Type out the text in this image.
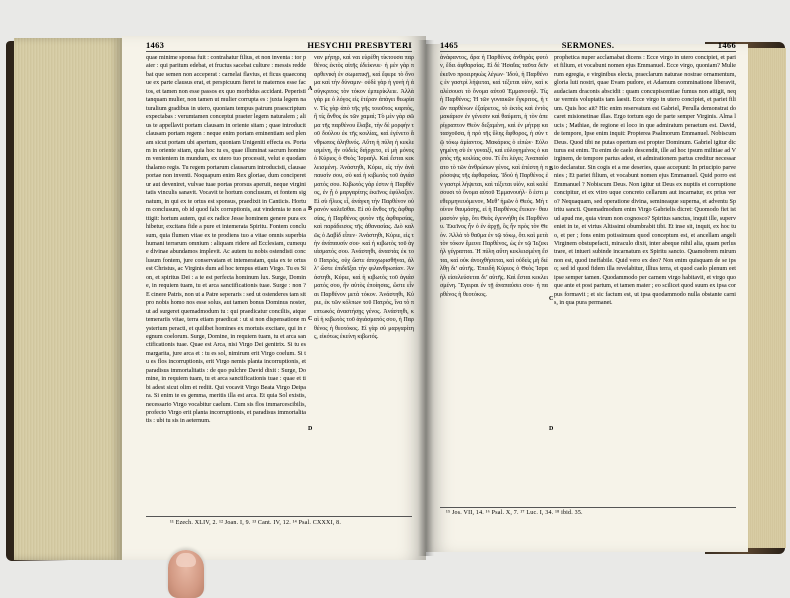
1463	HESYCHII PRESBYTERI
quae minime sponsa fuit : contrahatur filius, et non inventa : tor paier : qui paritum edebat, et fructus sacebat culture : messis reddebat que semen non acceperat : carnelai flavius, et ficus quaeconque ex parte clausus erat, et perspicuum fieret te maternos esse factos, et tamen non esse passos ex quo morbidus accidant. Peperisti tanquam mulier, non tamen ut mulier corrupta es : juxta legem naturalium gradibus in utero, quoniam tempus patrum praescriptum expectabas : verumtamen conceptui praeter legem naturalem ; alius te appellavit portam clausam in oriente sitam ; quae introducit clausam portam regem : neque enim portam eminentiam sed plenam sicut portam ubi apertum, quoniam Unigeniti effecta es. Portam in oriente sitam, quia hoc tu es, quae illuminat sacrum hominem venientem in mundum, ex utero tuo processit, velut e quodam thalamo regis. Tu regem portarum clausarum introducisti, clausae portae non inventi. Noquapum enim Rex gloriae, dum conciperetur aut deveniret, vulvae tuae portas prorsus aperuit, neque virginitatis vinculis sanavit. Vocavit te hortum conclusum, et fontem signatum, in qui ex te ortus est sponsus, praedixit in Canticis. Hortum conclusum, ob id quod falx corruptionis, aut vindemia te non attigit: hortum autem, qui ex radice Jesse hominem genere pura exhibetur, excitans fide a pure et intemerata Spiritu. Fontem conclusum, quia flumen vitae ex te prodiens tuo a vitae omnis superbia humani terrarum omnium : aliquam ridere ad Ecclesiam, cumeque divinae abundamos implevit. Ac autem tu nobis ostendisti conclusum fontem, jure conservatam et intemeratam, quia ex te ortus est Christus, ac Virginis dum ad hoc tempus etiam Virgo. Tu es Sion, et spiritus Dei : a te est perfecta hominum lux. Surge, Domine, in requiem tuam, tu et arca sanctificationis tuae. Surge : non ? E cinere Patris, non ut a Patre seperaris : sed ut ostenderes tam sit pro nobis homo nos esse solus, aut tamen bonus Dominus noster, ut ad surgeret quemadmodum tu : qui praedicatur conciliis, atque temerariis vitae, terra etiam praedicat : ut si non dispensatione mysterium peracti, et quilibet homines ex mortuis excitare, qui in regnum coelorum. Surge, Domine, in requiem tuam, tu et arca sanctificationis tuae. Quae est Arca, nisi Virgo Dei genitrix. Si tu es margarita, jure arca et : tu es sol, nimirum erit Virgo coelum. Si tu es flos incorruptionis, erit Virgo nemis planta incorruptionis, et paradisus immortalitatis : de quo pulchre David dixit : Surge, Domine, in requiem tuam, tu et arca sanctificationis tuae : quae et tibi adest sicut olim et rediit. Qui vocavit Virgo Beata Virgo Deipara. Si enim te es gemma, meritis illa est arca. Et quia Sol existis, necessario Virgo vocabitur caelum. Cum sis flos immarcescibilis, profecto Virgo erit planta incorruptionis, et paradisus immortalitatis : ubi tu sis in aeternum.
ναν μήτηρ, καὶ ναι εὑρέθη τίκτουσα παρθένος ἐκτὸς αἰτῆς ἐδείκνυε· ἡ μὲν γὰρ παρθενικὴ ἐν σωματικῇ, καὶ ἔφερε τὸ ὄνομα καὶ τὴν δύναμιν· οὐδὲ γὰρ ἡ γυνὴ ἡ ἀσύγκριτος τὸν τόκον ἐμπερίκλειε. Ἀλλὰ γάρ με ὁ λόγος εἰς ἑτέραν ἀπάγει θεωρίαν. Τίς γὰρ ἀπὸ τῆς γῆς τοιοῦτος καρπὸς, ἢ τίς ἄνθος ἐκ τῶν χαμαὶ; Τὸ μὲν γὰρ σῶμα τῆς παρθένου ἔλαβε, τὴν δὲ μορφὴν τοῦ δούλου ἐκ τῆς κοιλίας, καὶ ἐγένετο ἄνθρωπος ἀληθινός. Αὕτη ἡ πύλη ἡ κεκλεισμένη, ἣν οὐδεὶς διήρχετο, εἰ μὴ μόνος ὁ Κύριος ὁ Θεὸς Ἰσραήλ. Καὶ ἔσται κεκλεισμένη. Ἀνάστηθι, Κύριε, εἰς τὴν ἀνάπαυσίν σου, σὺ καὶ ἡ κιβωτὸς τοῦ ἁγιάσματός σου. Κιβωτὸς γάρ ἐστιν ἡ Παρθένος, ἐν ᾗ ὁ μαργαρίτης ἐκεῖνος ἐφύλαξεν. Εἰ σὺ ἥλιος εἶ, ἀνάγκη τὴν Παρθένον οὐρανὸν καλεῖσθαι. Εἰ σὺ ἄνθος τῆς ἀφθαρσίας, ἡ Παρθένος φυτὸν τῆς ἀφθαρσίας, καὶ παράδεισος τῆς ἀθανασίας. Διὸ καλῶς ὁ Δαβὶδ εἶπεν· Ἀνάστηθι, Κύριε, εἰς τὴν ἀνάπαυσίν σου· καὶ ἡ κιβωτὸς τοῦ ἁγιάσματός σου. Ἀνάστηθι, ἀναστὰς ἐκ τοῦ Πατρὸς, οὐχ ὥστε ἀποχωρισθῆναι, ἀλλ’ ὥστε ἐπιδεῖξαι τὴν φιλανθρωπίαν. Ἀνάστηθι, Κύριε, καὶ ἡ κιβωτὸς τοῦ ἁγιάσματός σου, ἣν αὐτὸς ἐποίησας, ὥστε εἶναι Παρθένον μετὰ τόκον. Ἀνάστηθι, Κύριε, ἐκ τῶν κόλπων τοῦ Πατρὸς, ἵνα τὸ πεπτωκὸς ἀναστήσῃς γένος. Ἀνάστηθι, καὶ ἡ κιβωτὸς τοῦ ἁγιάσματός σου, ἡ Παρθένος ἡ θεοτόκος. Εἰ γὰρ σὺ μαργαρίτης, εἰκότως ἐκείνη κιβωτός.
A
B
C
D
¹¹ Ezech. XLIV, 2. ¹² Joan. I, 9. ¹³ Cant. IV, 12. ¹⁴ Psal. CXXXI, 8.
1465	SERMONES.	1466
ἀνάφαντος, ἄρα ἡ Παρθένος ἀνθηρὰς φυτὸν, ἔδει ἀφθαρσίας. Εἰ δὲ Ἡσαΐας ταῦτα δεῖν ἐκεῖνο προειρηκὼς λέγων· Ἰδοὺ, ἡ Παρθένος ἐν γαστρὶ λήψεται, καὶ τέξεται υἱὸν, καὶ καλέσουσι τὸ ὄνομα αὐτοῦ Ἐμμανουήλ. Τίς ἡ Παρθένος; Ἡ τῶν γυναικῶν ἔγκριτος, ἡ τῶν παρθένων ἐξαίρετος, τὸ ἐκτὸς καὶ ἐντὸς μακάριον ἐν γένεσιν καὶ θαύματι, ἡ τὸν ἀπερίγραπτον Θεὸν δεξαμένη, καὶ ἐν μήτρᾳ κατασχοῦσα, ἡ πρὸ τῆς ὕλης ἄφθορος, ἡ σὺν τῷ τόκῳ ἀμίαντος. Μακάριος ὁ εἰπὼν· Εὐλογημένη σὺ ἐν γυναιξί, καὶ εὐλογημένος ὁ καρπὸς τῆς κοιλίας σου. Τί ἔτι λέγει; Ἀναπαύσατο τὸ τῶν ἀνθρώπων γένος, καὶ ἐπέστη ἡ πρόσοψις τῆς ἀφθαρσίας. Ἰδοὺ ἡ Παρθένος ἐν γαστρὶ λήψεται, καὶ τέξεται υἱόν, καὶ καλέσουσι τὸ ὄνομα αὐτοῦ Ἐμμανουήλ· ὅ ἐστι μεθερμηνευόμενον, Μεθ’ ἡμῶν ὁ Θεός. Μὴ τοίνυν θαυμάσῃς, εἰ ἡ Παρθένος ἔτεκεν· θαυμαστὸν γὰρ, ὅτι Θεὸς ἐγεννήθη ἐκ Παρθένου. Ἐκεῖνος ἦν ὁ ἐν ἀρχῇ, ὃς ἦν πρὸς τὸν Θεόν. Ἀλλὰ τὸ θαῦμα ἐν τῷ τόκῳ, ὅτι καὶ μετὰ τὸν τόκον ἔμεινε Παρθένος, ὡς ἐν τῷ Ἰεζεκιὴλ γέγραπται. Ἡ πύλη αὕτη κεκλεισμένη ἔσται, καὶ οὐκ ἀνοιχθήσεται, καὶ οὐδεὶς μὴ διέλθῃ δι’ αὐτῆς. Ἐπειδὴ Κύριος ὁ Θεὸς Ἰσραὴλ εἰσελεύσεται δι’ αὐτῆς. Καὶ ἔσται κεκλεισμένη. Ἔγειραι ἐν τῇ ἀναπαύσει σου· ἡ παρθένος ἡ θεοτόκος.
prophetica nuper acclamabat dicens : Ecce virgo in utero concipiet, et pariet filium, et vocabunt nomen ejus Emmanuel. Ecce virgo, quoniam? Mulierum egregia, e virginibus electa, praeclarum naturae nostrae ornamentum, gloria luti nostri, quae Evam pudore, et Adamum comminatione liberavit, audaciam draconis abscidit : quam concupiscentiae fumus non attigit, neque vermis voluptatis tam laesit. Ecce virgo in utero concipiet, et pariet filium. Quis hoc ait? Hic enim reservatum est Gabriel, Perulla demonstrat docaret misionetinae illas. Ergo tortum ego de parte semper Virginis. Alma lucis ; Mathiae, de regione ei loco in que admiratum peraetum est. David, de tempore, Ipse enim inquit: Propterea Psalmorum Emmanuel. Nobiscum Deus. Quod tibi ne putas opertum est propter Dominum. Gabriel igitur dicturus est enim. Tu enim de caelo descendit, ille ad hoc ipsum militiae ad Virginem, de tempore partus adest, et admirationem partus creditur necessario declaratur. Sin cogis et a me deseries, quae accepunt: In priucipio parvenies ; Et pariet filium, et vocabunt nomen ejus Emmanuel. Quid porro est Emmanuel ? Nobiscum Deus. Non igitur ut Deus ex nuptiis et corruptione concipitur, et ex vitro uque concreto cellarum aut incarnatur, ex prius vero? Nequaquam, sed operatione divina, semineaque superna, et adventu Spiritu sancti. Quemadmodum enim Virgo Gabrielis dicret: Quomodo fiet istud apud me, quia virum non cognosco? Spiritus sanctus, inquit ille, superveniet in te, et virtus Altissimi obumbrabit tibi. Et inse sit, inquit, ex hoc tuo, et per ; fons enim potissimum quod conceptum est, et ancellam angeli Virginem obstupefacti, miraculo dixit, inter abeque nihil alia, quam perlustrare, et intueri subinde incarnatum ex Spiritu sancto. Quamobrem mirum non est, quod ineffabile. Quid vero ex deo? Non enim quisquam de se ipso; sed id quod fidem illa revelabitur, illius terra, et quod caelo plenum eet ipse semper tamen. Quodammodo per carnem virgo habitavit, et virgo quoque ante et post partum, et tamen mater ; eo scilicet quod suum ex ipsa corpus formavit ; et sic factum est, ut ipsa quodammodo nulla obstante carnis, in qua pura permanet.
B
C
D
¹⁵ Jos. VII, 14. ¹⁶ Psal. X, 7. ¹⁷ Luc. I, 34. ¹⁸ ibid. 35.
